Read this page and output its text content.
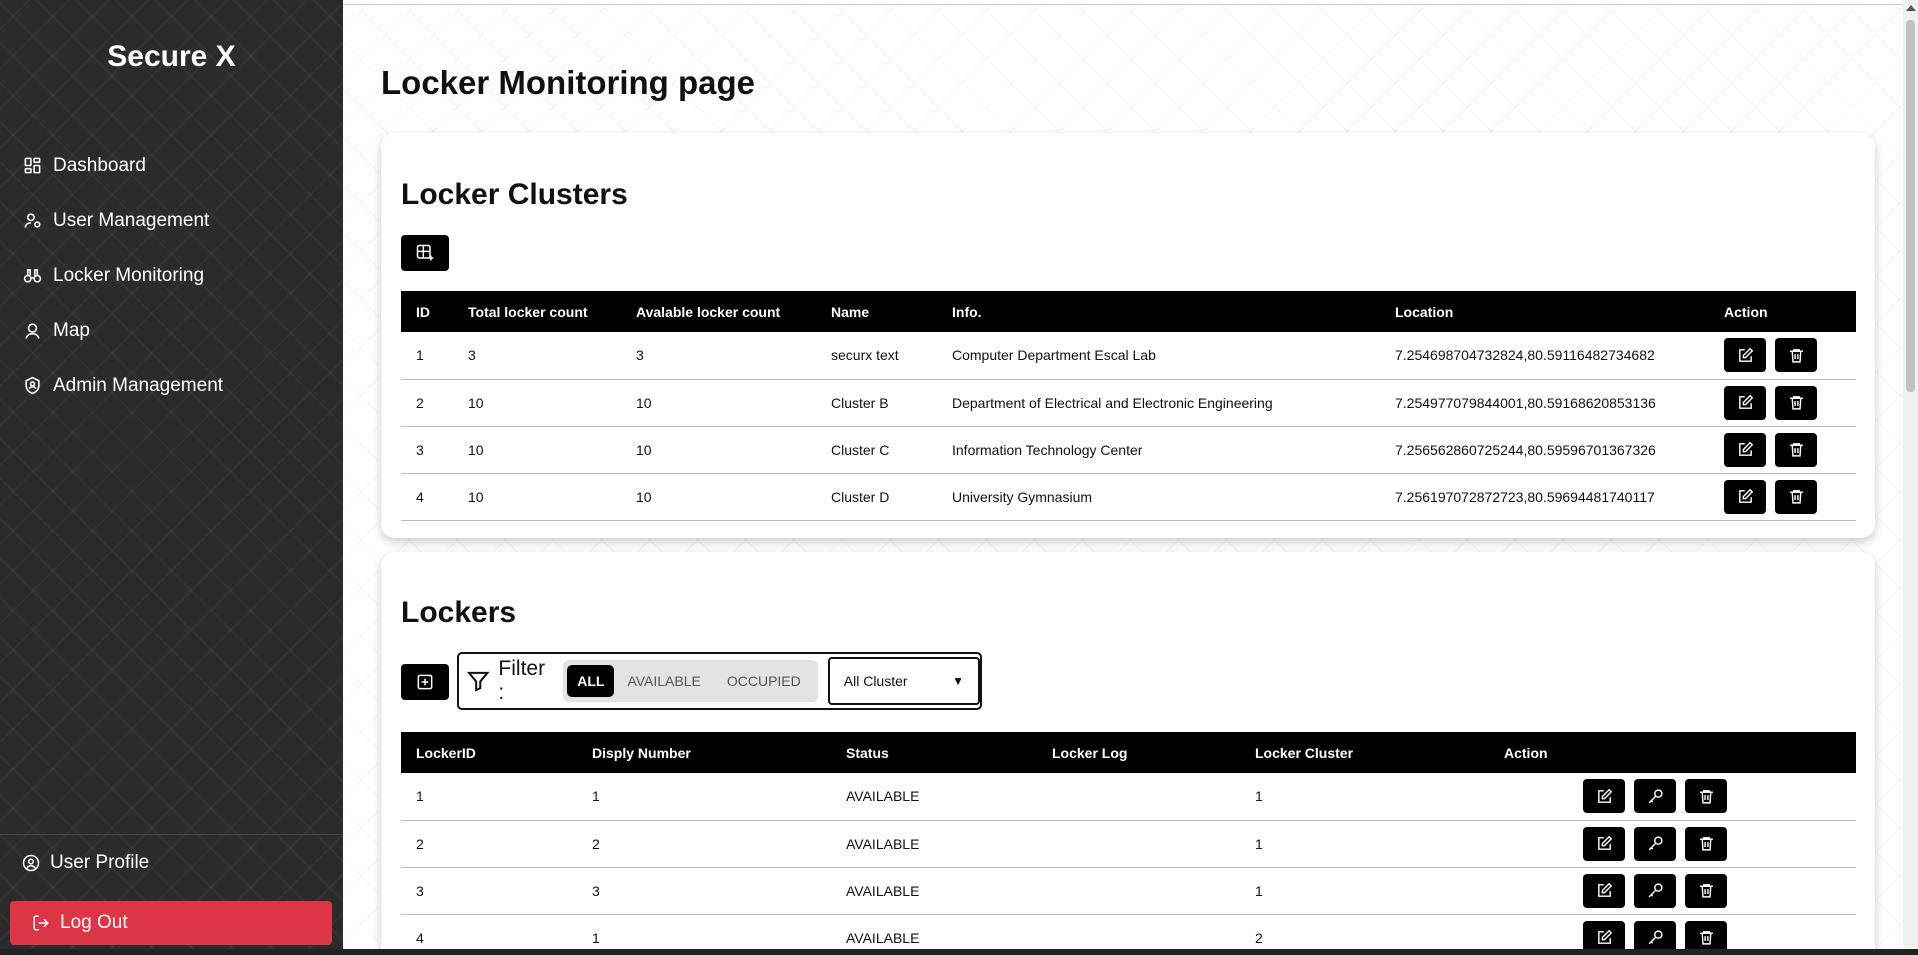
Secure X
Dashboard
User Management
Locker Monitoring
Map
Admin Management
User Profile
Log Out
Locker Monitoring page
Locker Clusters
ID	Total locker count	Avalable locker count	Name	Info.	Location	Action
1	3	3	securx text	Computer Department Escal Lab	7.254698704732824,80.59116482734682	

2	10	10	Cluster B	Department of Electrical and Electronic Engineering	7.254977079844001,80.59168620853136	

3	10	10	Cluster C	Information Technology Center	7.256562860725244,80.59596701367326	

4	10	10	Cluster D	University Gymnasium	7.256197072872723,80.59694481740117	
Lockers
Filter :	ALL	AVAILABLE	OCCUPIED	All Cluster	▼
LockerID	Disply Number	Status	Locker Log	Locker Cluster	Action
1	1	AVAILABLE		1	

2	2	AVAILABLE		1	

3	3	AVAILABLE		1	

4	1	AVAILABLE		2	
